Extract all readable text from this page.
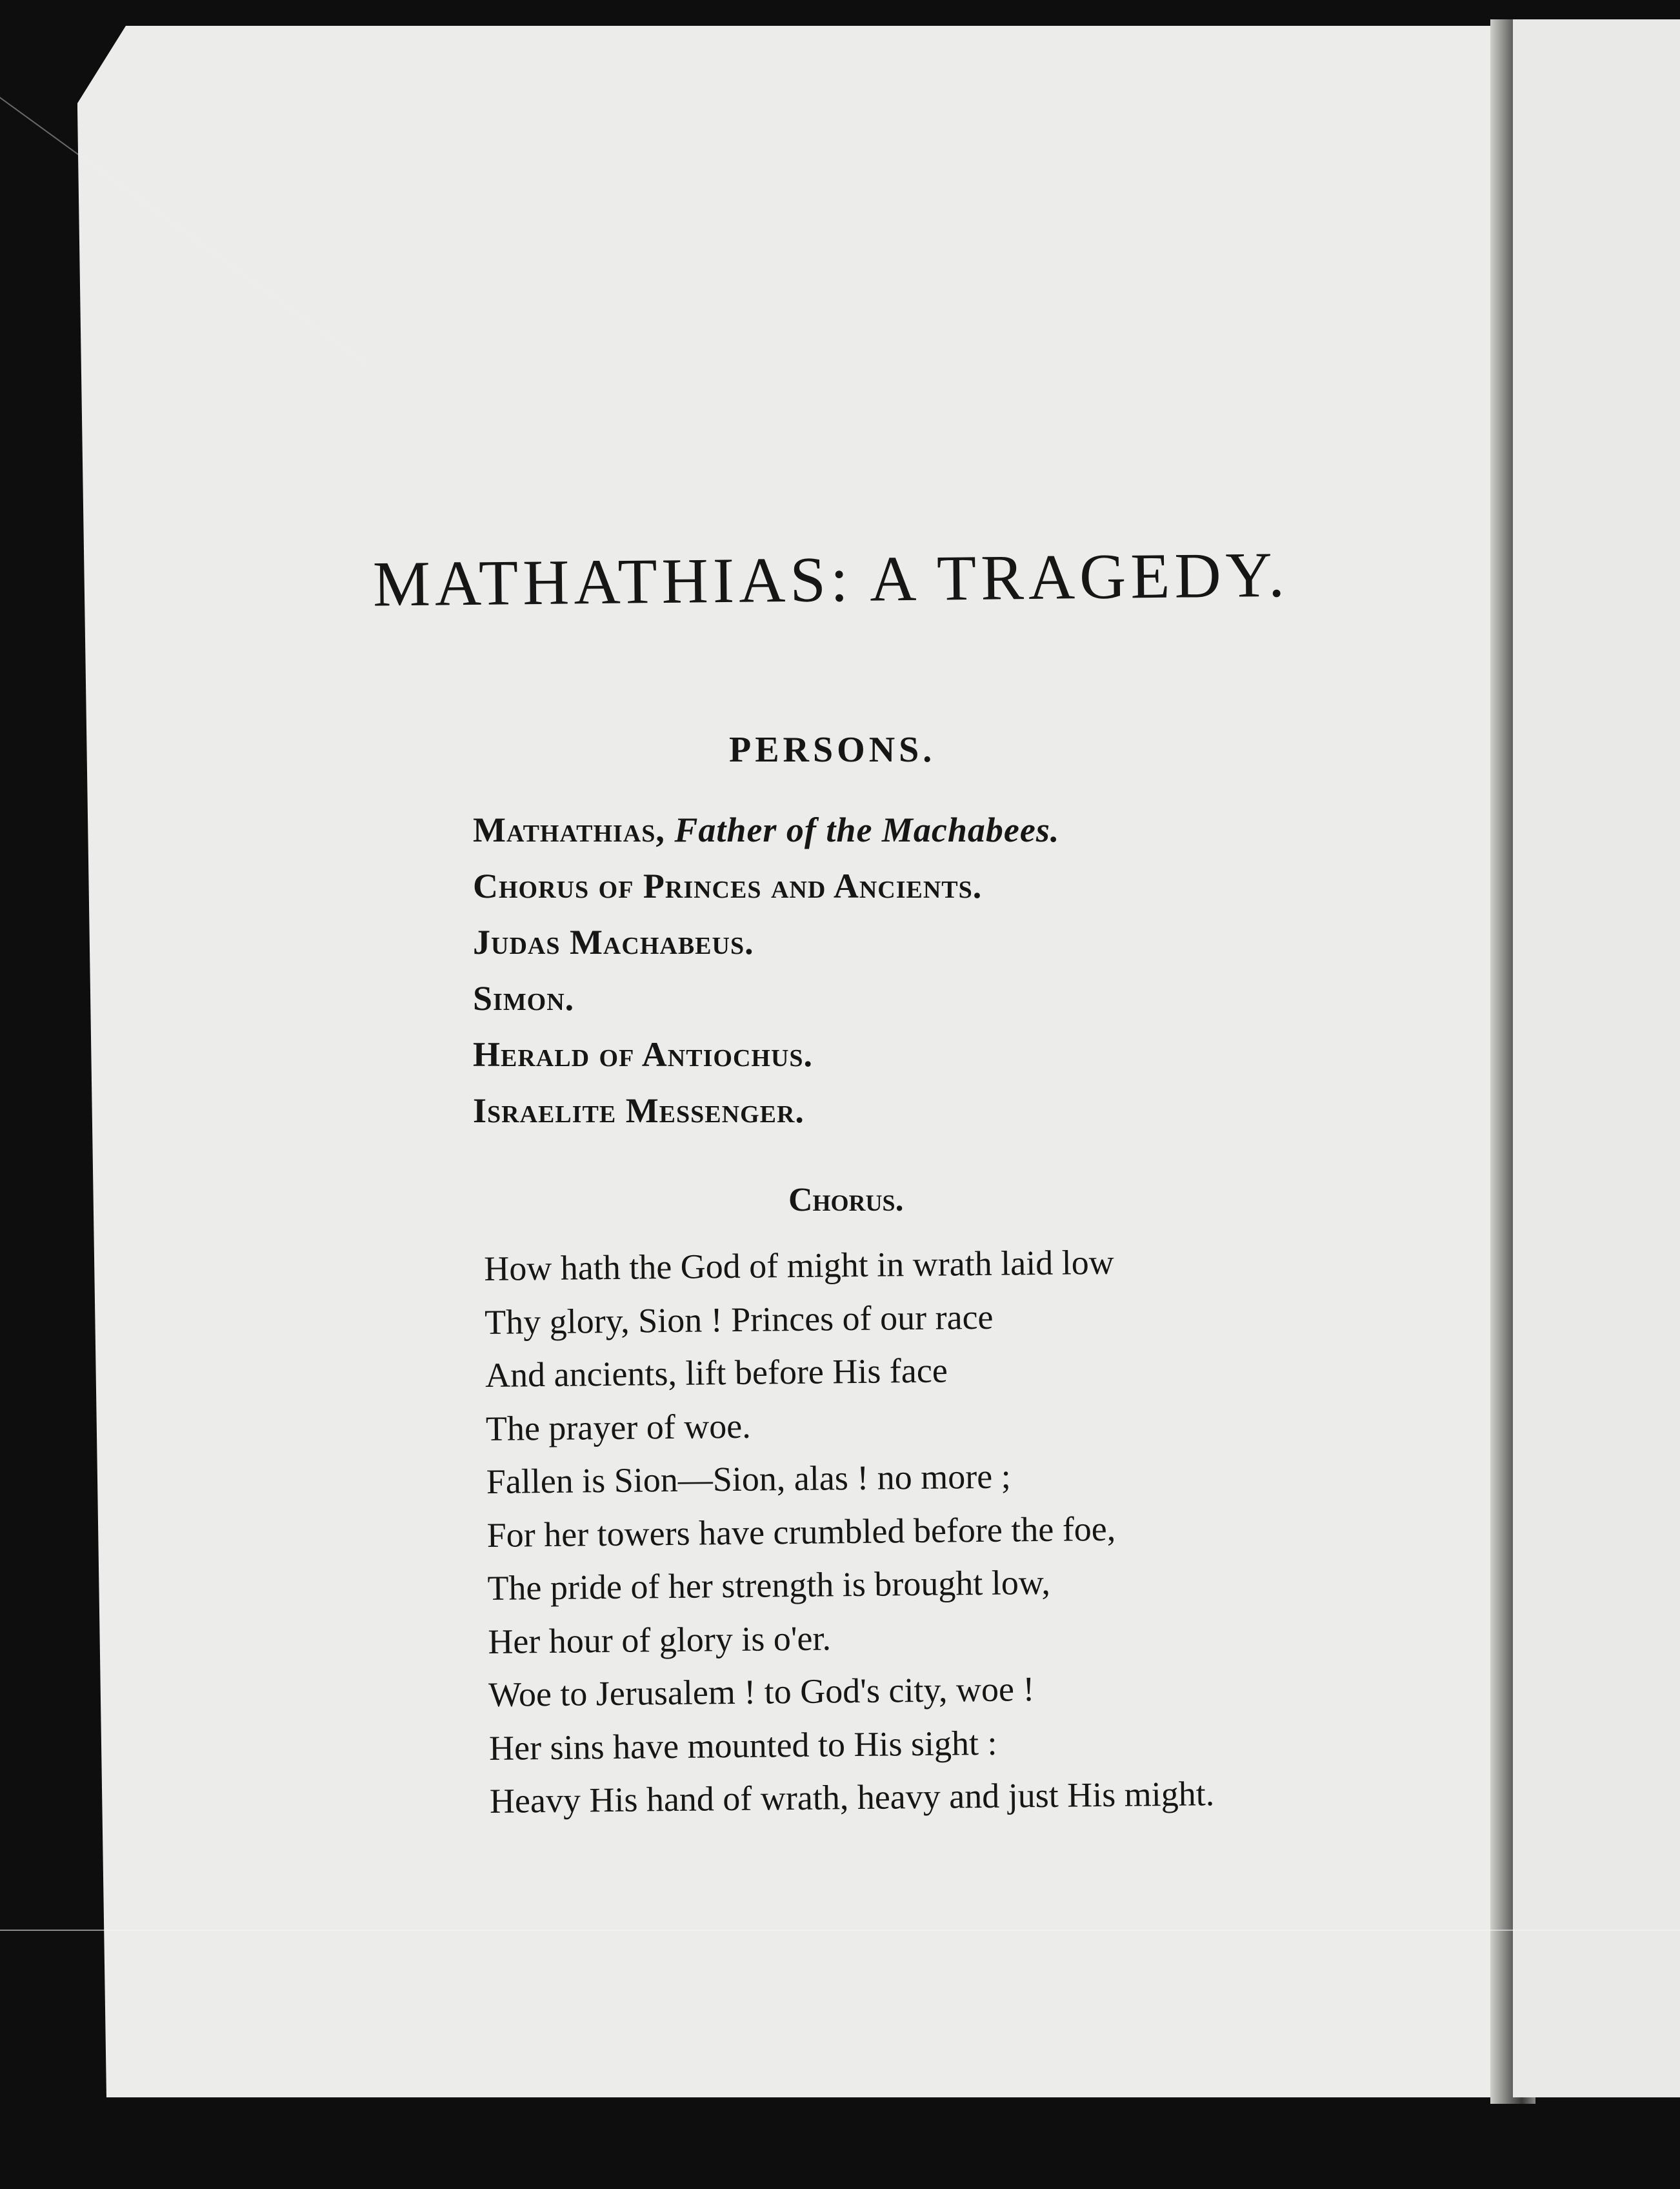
MATHATHIAS: A TRAGEDY.
PERSONS.
Mathathias, Father of the Machabees.
Chorus of Princes and Ancients.
Judas Machabeus.
Simon.
Herald of Antiochus.
Israelite Messenger.
Chorus.
How hath the God of might in wrath laid low
Thy glory, Sion ! Princes of our race
And ancients, lift before His face
The prayer of woe.
Fallen is Sion—Sion, alas ! no more ;
For her towers have crumbled before the foe,
The pride of her strength is brought low,
Her hour of glory is o'er.
Woe to Jerusalem ! to God's city, woe !
Her sins have mounted to His sight :
Heavy His hand of wrath, heavy and just His might.
